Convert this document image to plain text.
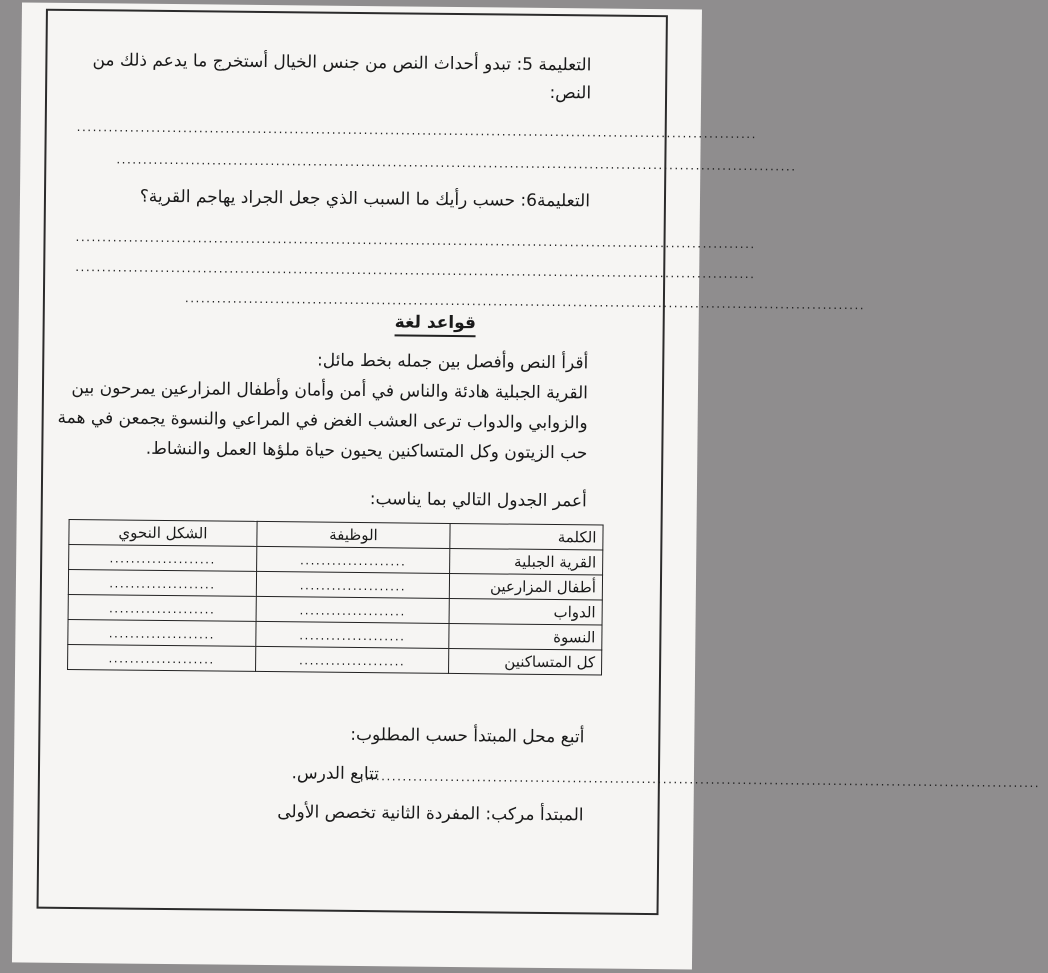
التعليمة 5: تبدو أحداث النص من جنس الخيال أستخرج ما يدعم ذلك من
النص:
................................................................................................................................
................................................................................................................................
التعليمة6: حسب رأيك ما السبب الذي جعل الجراد يهاجم القرية؟
................................................................................................................................
................................................................................................................................
................................................................................................................................
قواعد لغة
أقرأ النص وأفصل بين جمله بخط مائل:
القرية الجبلية هادئة والناس في أمن وأمان وأطفال المزارعين يمرحون بين
والزوابي والدواب ترعى العشب الغض في المراعي والنسوة يجمعن في همة
حب الزيتون وكل المتساكنين يحيون حياة ملؤها العمل والنشاط.
أعمر الجدول التالي بما يناسب:
الكلمة	الوظيفة	الشكل النحوي
القرية الجبلية	....................	....................
أطفال المزارعين	....................	....................
الدواب	....................	....................
النسوة	....................	....................
كل المتساكنين	....................	....................
أتبع محل المبتدأ حسب المطلوب:
................................................................................................................................
تتابع الدرس.
المبتدأ مركب: المفردة الثانية تخصص الأولى
